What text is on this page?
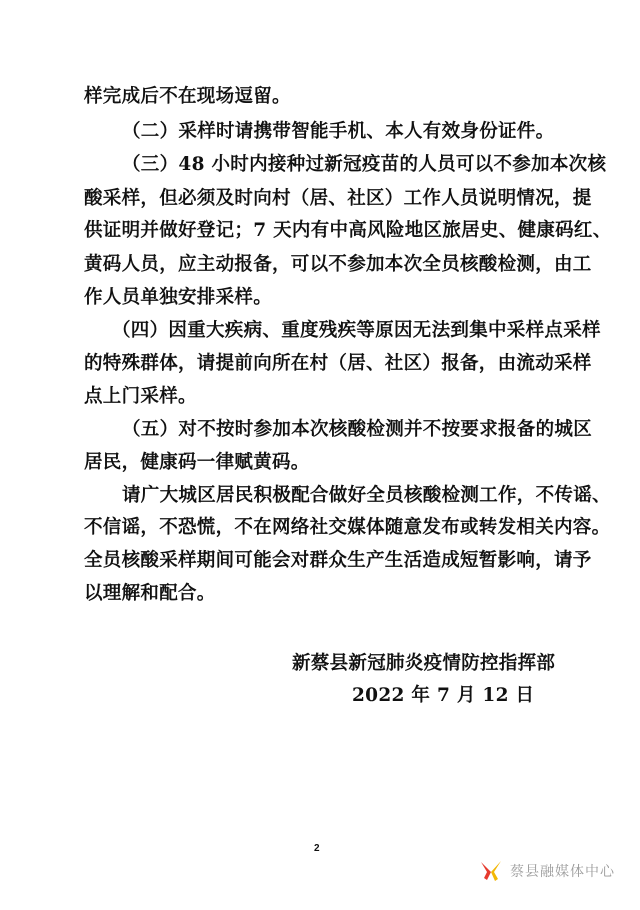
样完成后不在现场逗留。
（二）采样时请携带智能手机、本人有效身份证件。
（三）48 小时内接种过新冠疫苗的人员可以不参加本次核
酸采样，但必须及时向村（居、社区）工作人员说明情况，提
供证明并做好登记；7 天内有中高风险地区旅居史、健康码红、
黄码人员，应主动报备，可以不参加本次全员核酸检测，由工
作人员单独安排采样。
（四）因重大疾病、重度残疾等原因无法到集中采样点采样
的特殊群体，请提前向所在村（居、社区）报备，由流动采样
点上门采样。
（五）对不按时参加本次核酸检测并不按要求报备的城区
居民，健康码一律赋黄码。
请广大城区居民积极配合做好全员核酸检测工作，不传谣、
不信谣，不恐慌，不在网络社交媒体随意发布或转发相关内容。
全员核酸采样期间可能会对群众生产生活造成短暂影响，请予
以理解和配合。
新蔡县新冠肺炎疫情防控指挥部
2022 年 7 月 12 日
2
蔡县融媒体中心
